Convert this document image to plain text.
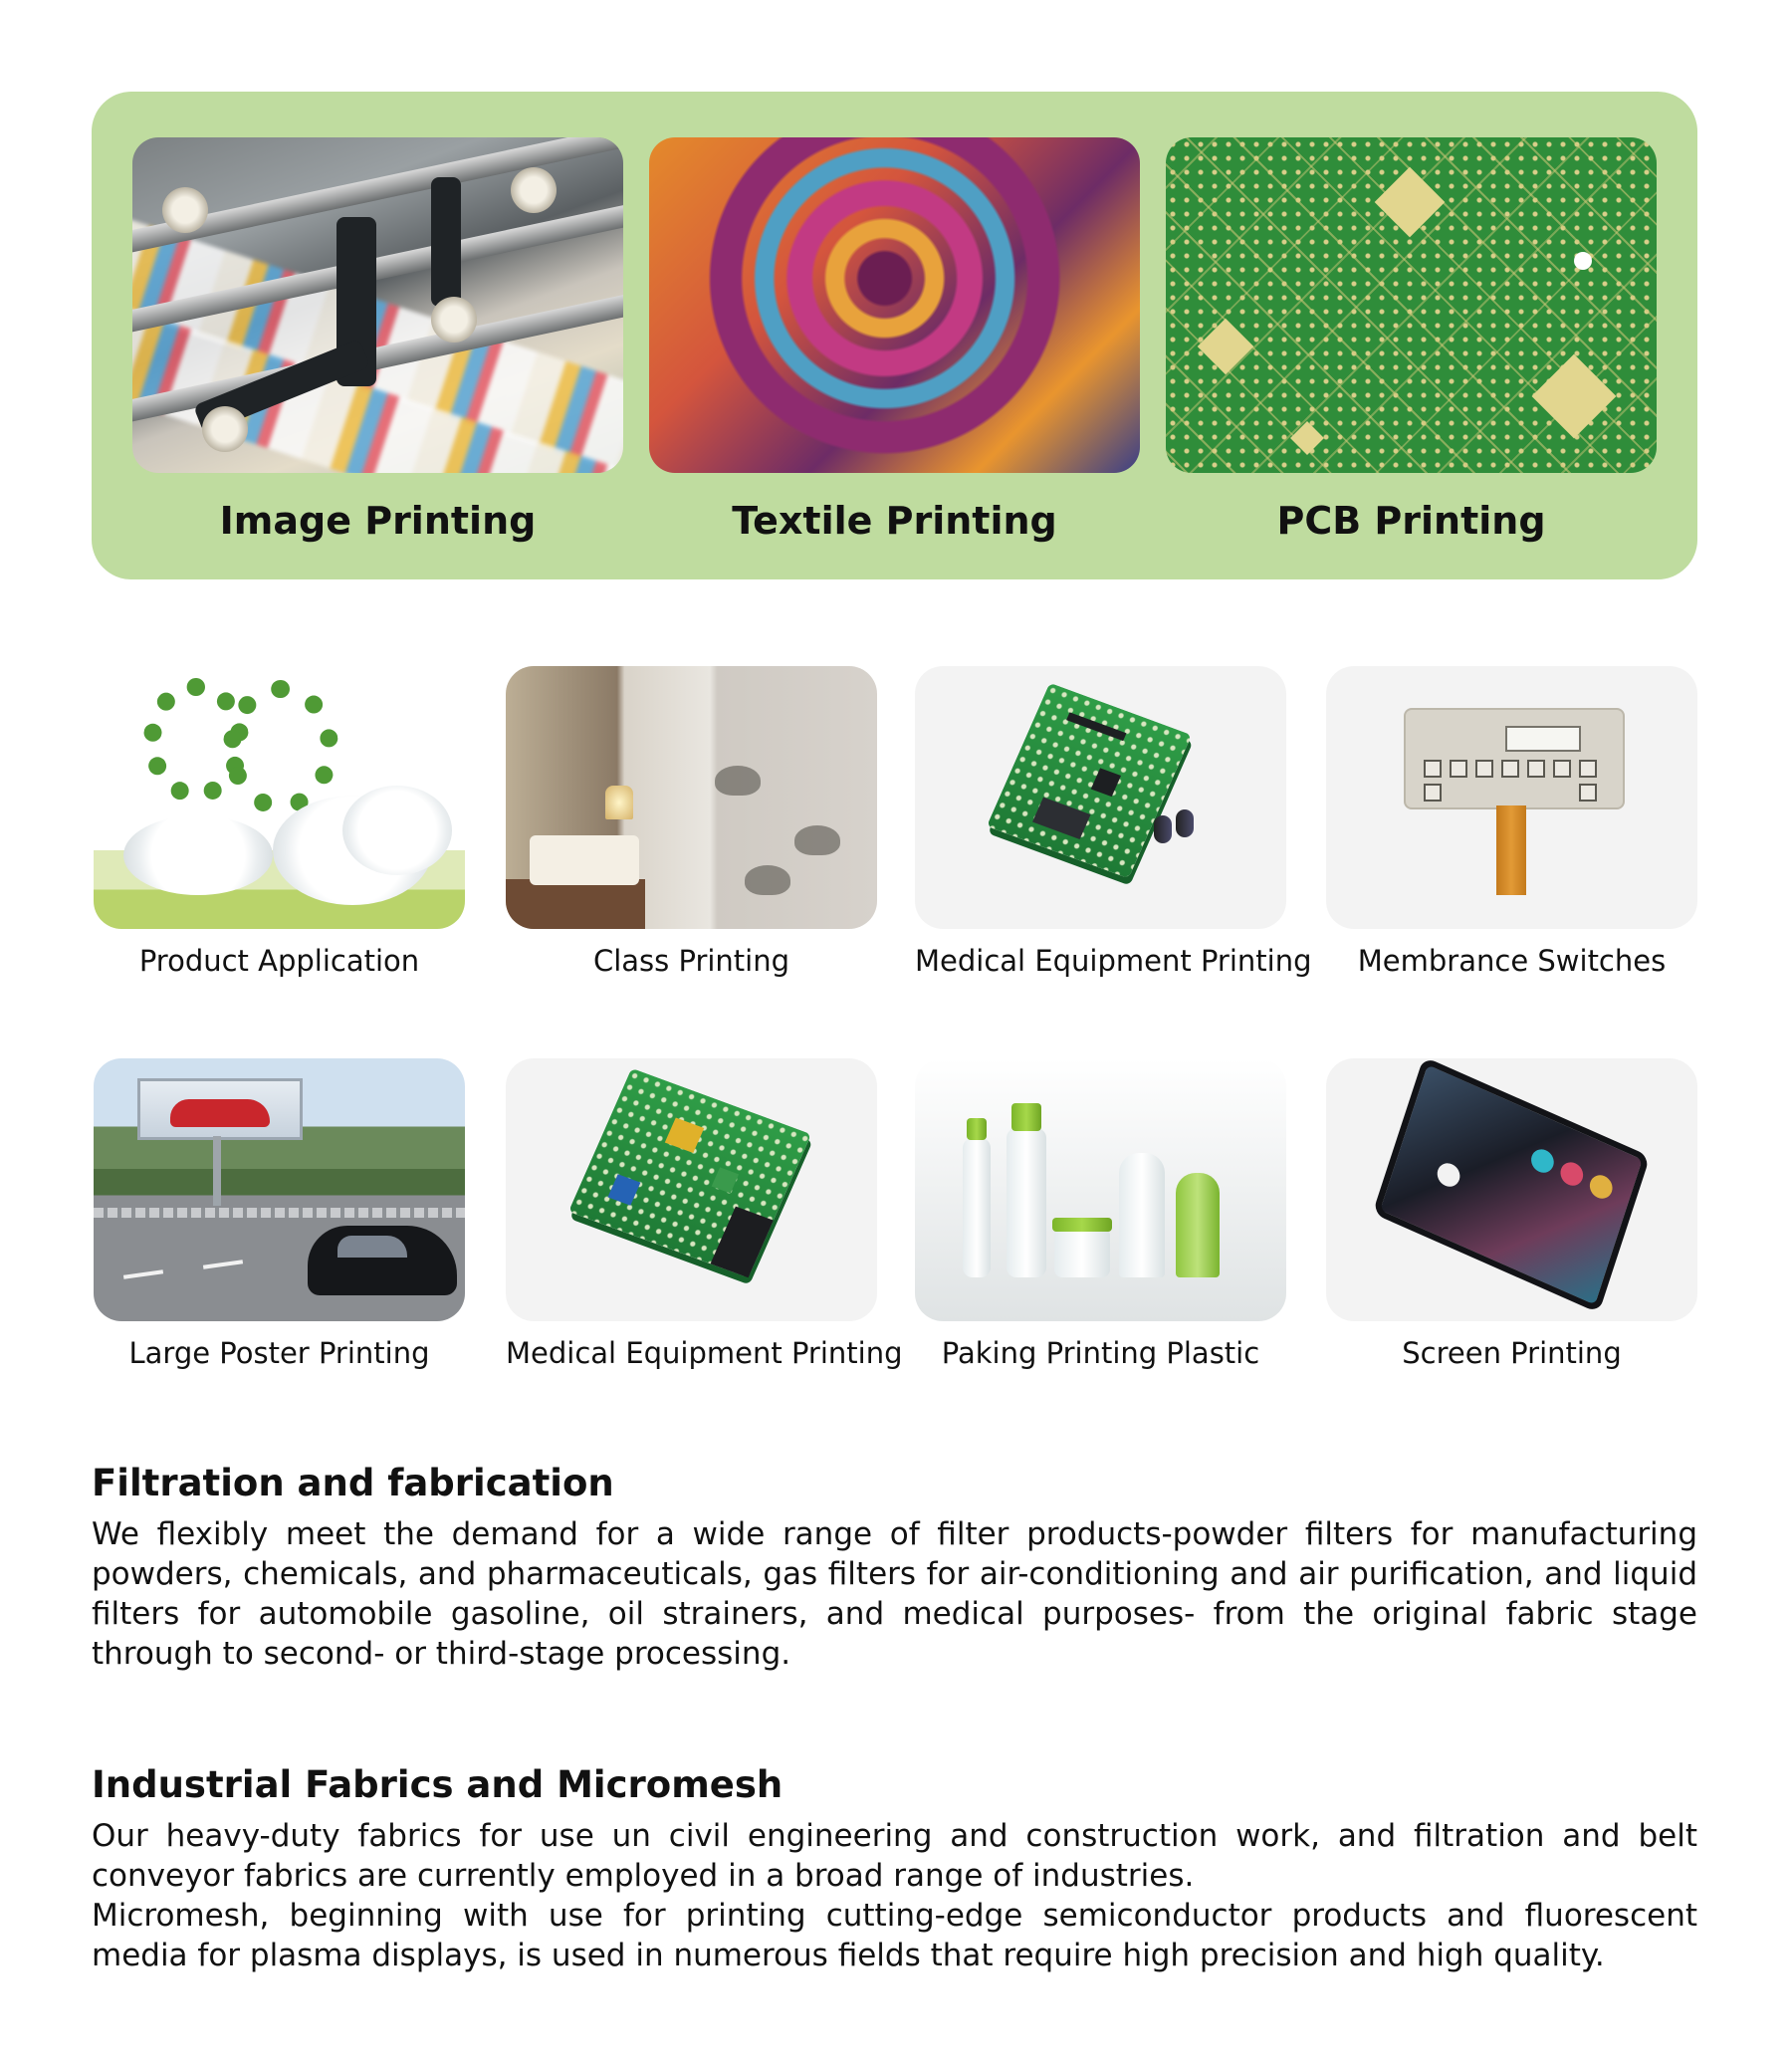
Image Printing	Textile Printing	PCB Printing
Product Application	Class Printing	Medical Equipment Printing	Membrance Switches
Large Poster Printing	Medical Equipment Printing	Paking Printing Plastic	Screen Printing
Filtration and fabrication

We flexibly meet the demand for a wide range of filter products-powder filters for manufacturing powders, chemicals, and pharmaceuticals, gas filters for air-conditioning and air purification, and liquid filters for automobile gasoline, oil strainers, and medical purposes- from the original fabric stage through to second- or third-stage processing.

Industrial Fabrics and Micromesh

Our heavy-duty fabrics for use un civil engineering and construction work, and filtration and belt conveyor fabrics are currently employed in a broad range of industries.

Micromesh, beginning with use for printing cutting-edge semiconductor products and fluorescent media for plasma displays, is used in numerous fields that require high precision and high quality.
